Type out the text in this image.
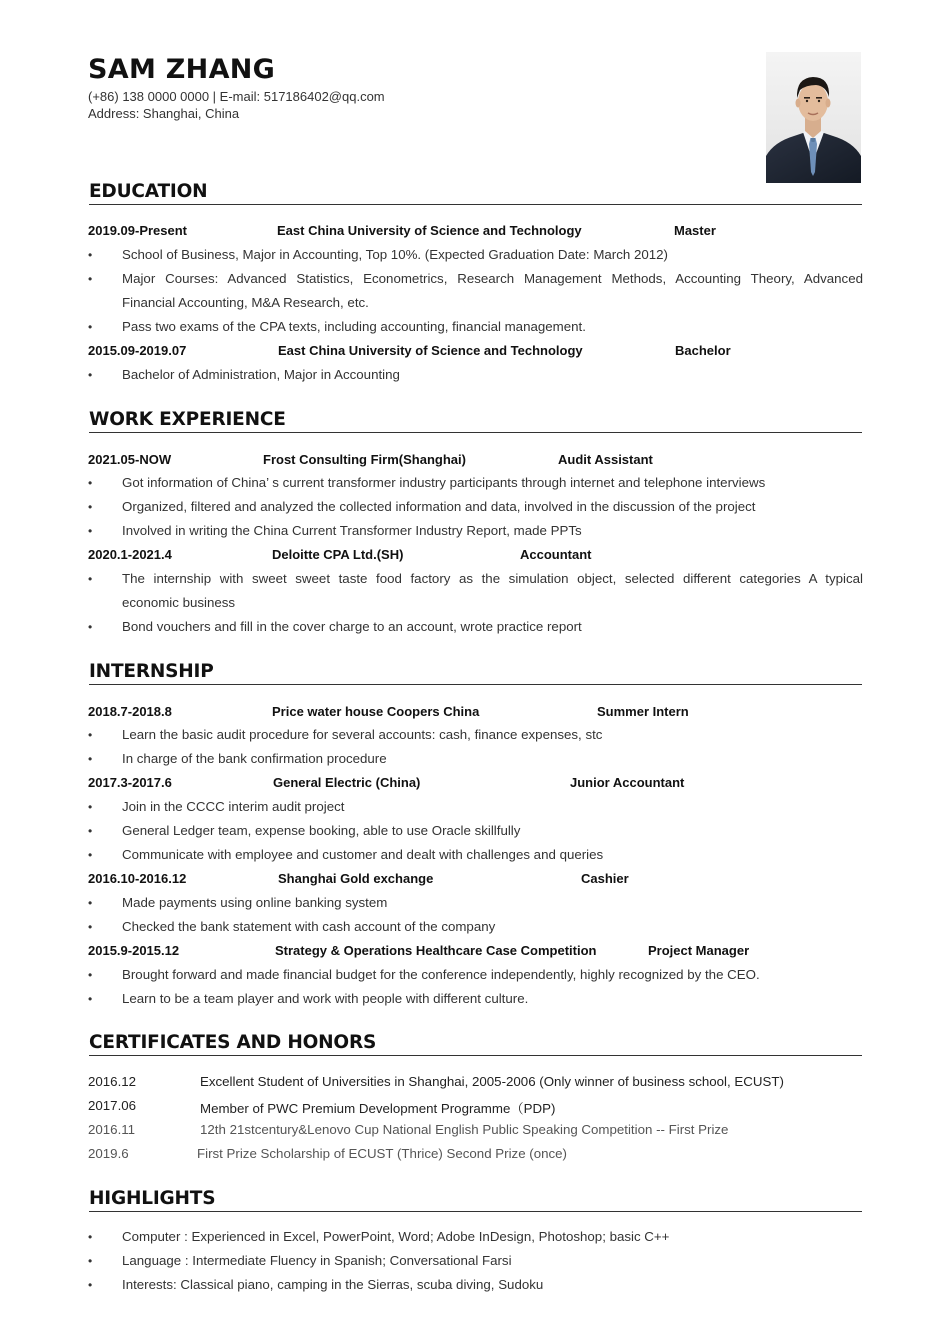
SAM ZHANG
(+86) 138 0000 0000 | E-mail: 517186402@qq.com
Address: Shanghai, China
EDUCATION
2019.09-Present	East China University of Science and Technology	Master
•	School of Business, Major in Accounting, Top 10%. (Expected Graduation Date: March 2012)
•	Major Courses: Advanced Statistics, Econometrics, Research Management Methods, Accounting Theory, Advanced
Financial Accounting, M&A Research, etc.
•	Pass two exams of the CPA texts, including accounting, financial management.
2015.09-2019.07	East China University of Science and Technology	Bachelor
•	Bachelor of Administration, Major in Accounting
WORK EXPERIENCE
2021.05-NOW	Frost Consulting Firm(Shanghai)	Audit Assistant
•	Got information of China’ s current transformer industry participants through internet and telephone interviews
•	Organized, filtered and analyzed the collected information and data, involved in the discussion of the project
•	Involved in writing the China Current Transformer Industry Report, made PPTs
2020.1-2021.4	Deloitte CPA Ltd.(SH)	Accountant
•	The internship with sweet sweet taste food factory as the simulation object, selected different categories A typical
economic business
•	Bond vouchers and fill in the cover charge to an account, wrote practice report
INTERNSHIP
2018.7-2018.8	Price water house Coopers China	Summer Intern
•	Learn the basic audit procedure for several accounts: cash, finance expenses, stc
•	In charge of the bank confirmation procedure
2017.3-2017.6	General Electric (China)	Junior Accountant
•	Join in the CCCC interim audit project
•	General Ledger team, expense booking, able to use Oracle skillfully
•	Communicate with employee and customer and dealt with challenges and queries
2016.10-2016.12	Shanghai Gold exchange	Cashier
•	Made payments using online banking system
•	Checked the bank statement with cash account of the company
2015.9-2015.12	Strategy & Operations Healthcare Case Competition	Project Manager
•	Brought forward and made financial budget for the conference independently, highly recognized by the CEO.
•	Learn to be a team player and work with people with different culture.
CERTIFICATES AND HONORS
2016.12	Excellent Student of Universities in Shanghai, 2005-2006 (Only winner of business school, ECUST)
2017.06	Member of PWC Premium Development Programme（PDP)
2016.11	12th 21stcentury&Lenovo Cup National English Public Speaking Competition -- First Prize
2019.6	First Prize Scholarship of ECUST (Thrice) Second Prize (once)
HIGHLIGHTS
•	Computer : Experienced in Excel, PowerPoint, Word; Adobe InDesign, Photoshop; basic C++
•	Language : Intermediate Fluency in Spanish; Conversational Farsi
•	Interests: Classical piano, camping in the Sierras, scuba diving, Sudoku
